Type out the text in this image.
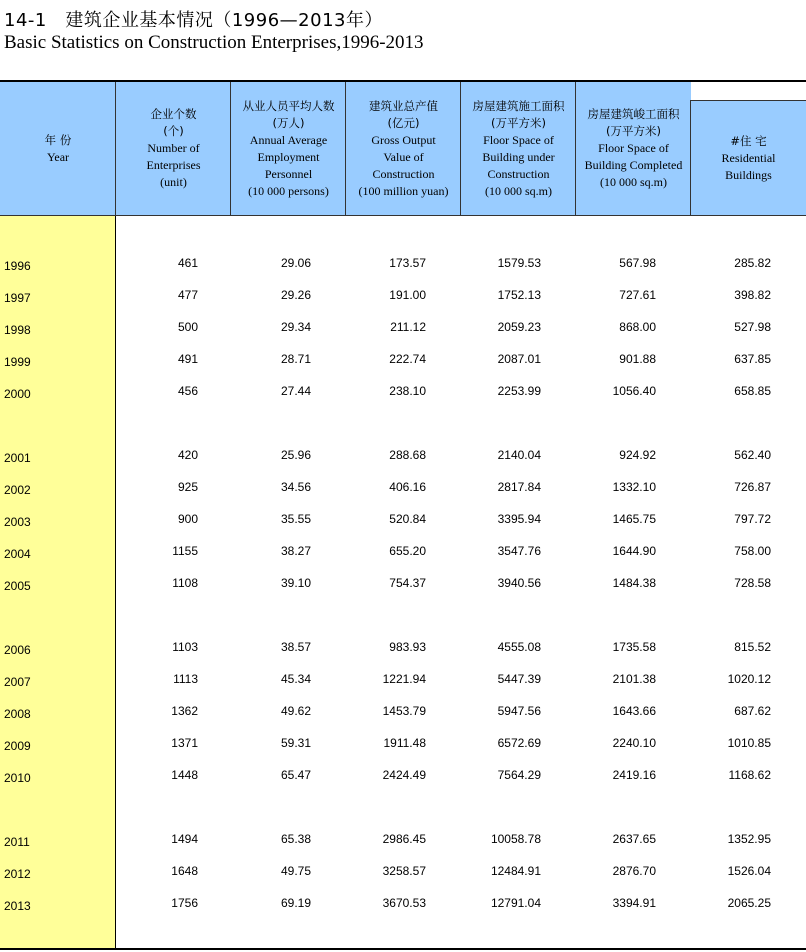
14-1　建筑企业基本情况（1996—2013年）
Basic Statistics on Construction Enterprises,1996-2013
年 份
Year
企业个数
(个)
Number of
Enterprises
(unit)
从业人员平均人数
(万人)
Annual Average
Employment
Personnel
(10 000 persons)
建筑业总产值
(亿元)
Gross Output
Value of
Construction
(100 million yuan)
房屋建筑施工面积
(万平方米)
Floor Space of
Building under
Construction
(10 000 sq.m)
房屋建筑峻工面积
(万平方米)
Floor Space of
Building Completed
(10 000 sq.m)
#住 宅
Residential
Buildings
1996	461	29.06	173.57	1579.53	567.98	285.82
1997	477	29.26	191.00	1752.13	727.61	398.82
1998	500	29.34	211.12	2059.23	868.00	527.98
1999	491	28.71	222.74	2087.01	901.88	637.85
2000	456	27.44	238.10	2253.99	1056.40	658.85
2001	420	25.96	288.68	2140.04	924.92	562.40
2002	925	34.56	406.16	2817.84	1332.10	726.87
2003	900	35.55	520.84	3395.94	1465.75	797.72
2004	1155	38.27	655.20	3547.76	1644.90	758.00
2005	1108	39.10	754.37	3940.56	1484.38	728.58
2006	1103	38.57	983.93	4555.08	1735.58	815.52
2007	1113	45.34	1221.94	5447.39	2101.38	1020.12
2008	1362	49.62	1453.79	5947.56	1643.66	687.62
2009	1371	59.31	1911.48	6572.69	2240.10	1010.85
2010	1448	65.47	2424.49	7564.29	2419.16	1168.62
2011	1494	65.38	2986.45	10058.78	2637.65	1352.95
2012	1648	49.75	3258.57	12484.91	2876.70	1526.04
2013	1756	69.19	3670.53	12791.04	3394.91	2065.25
